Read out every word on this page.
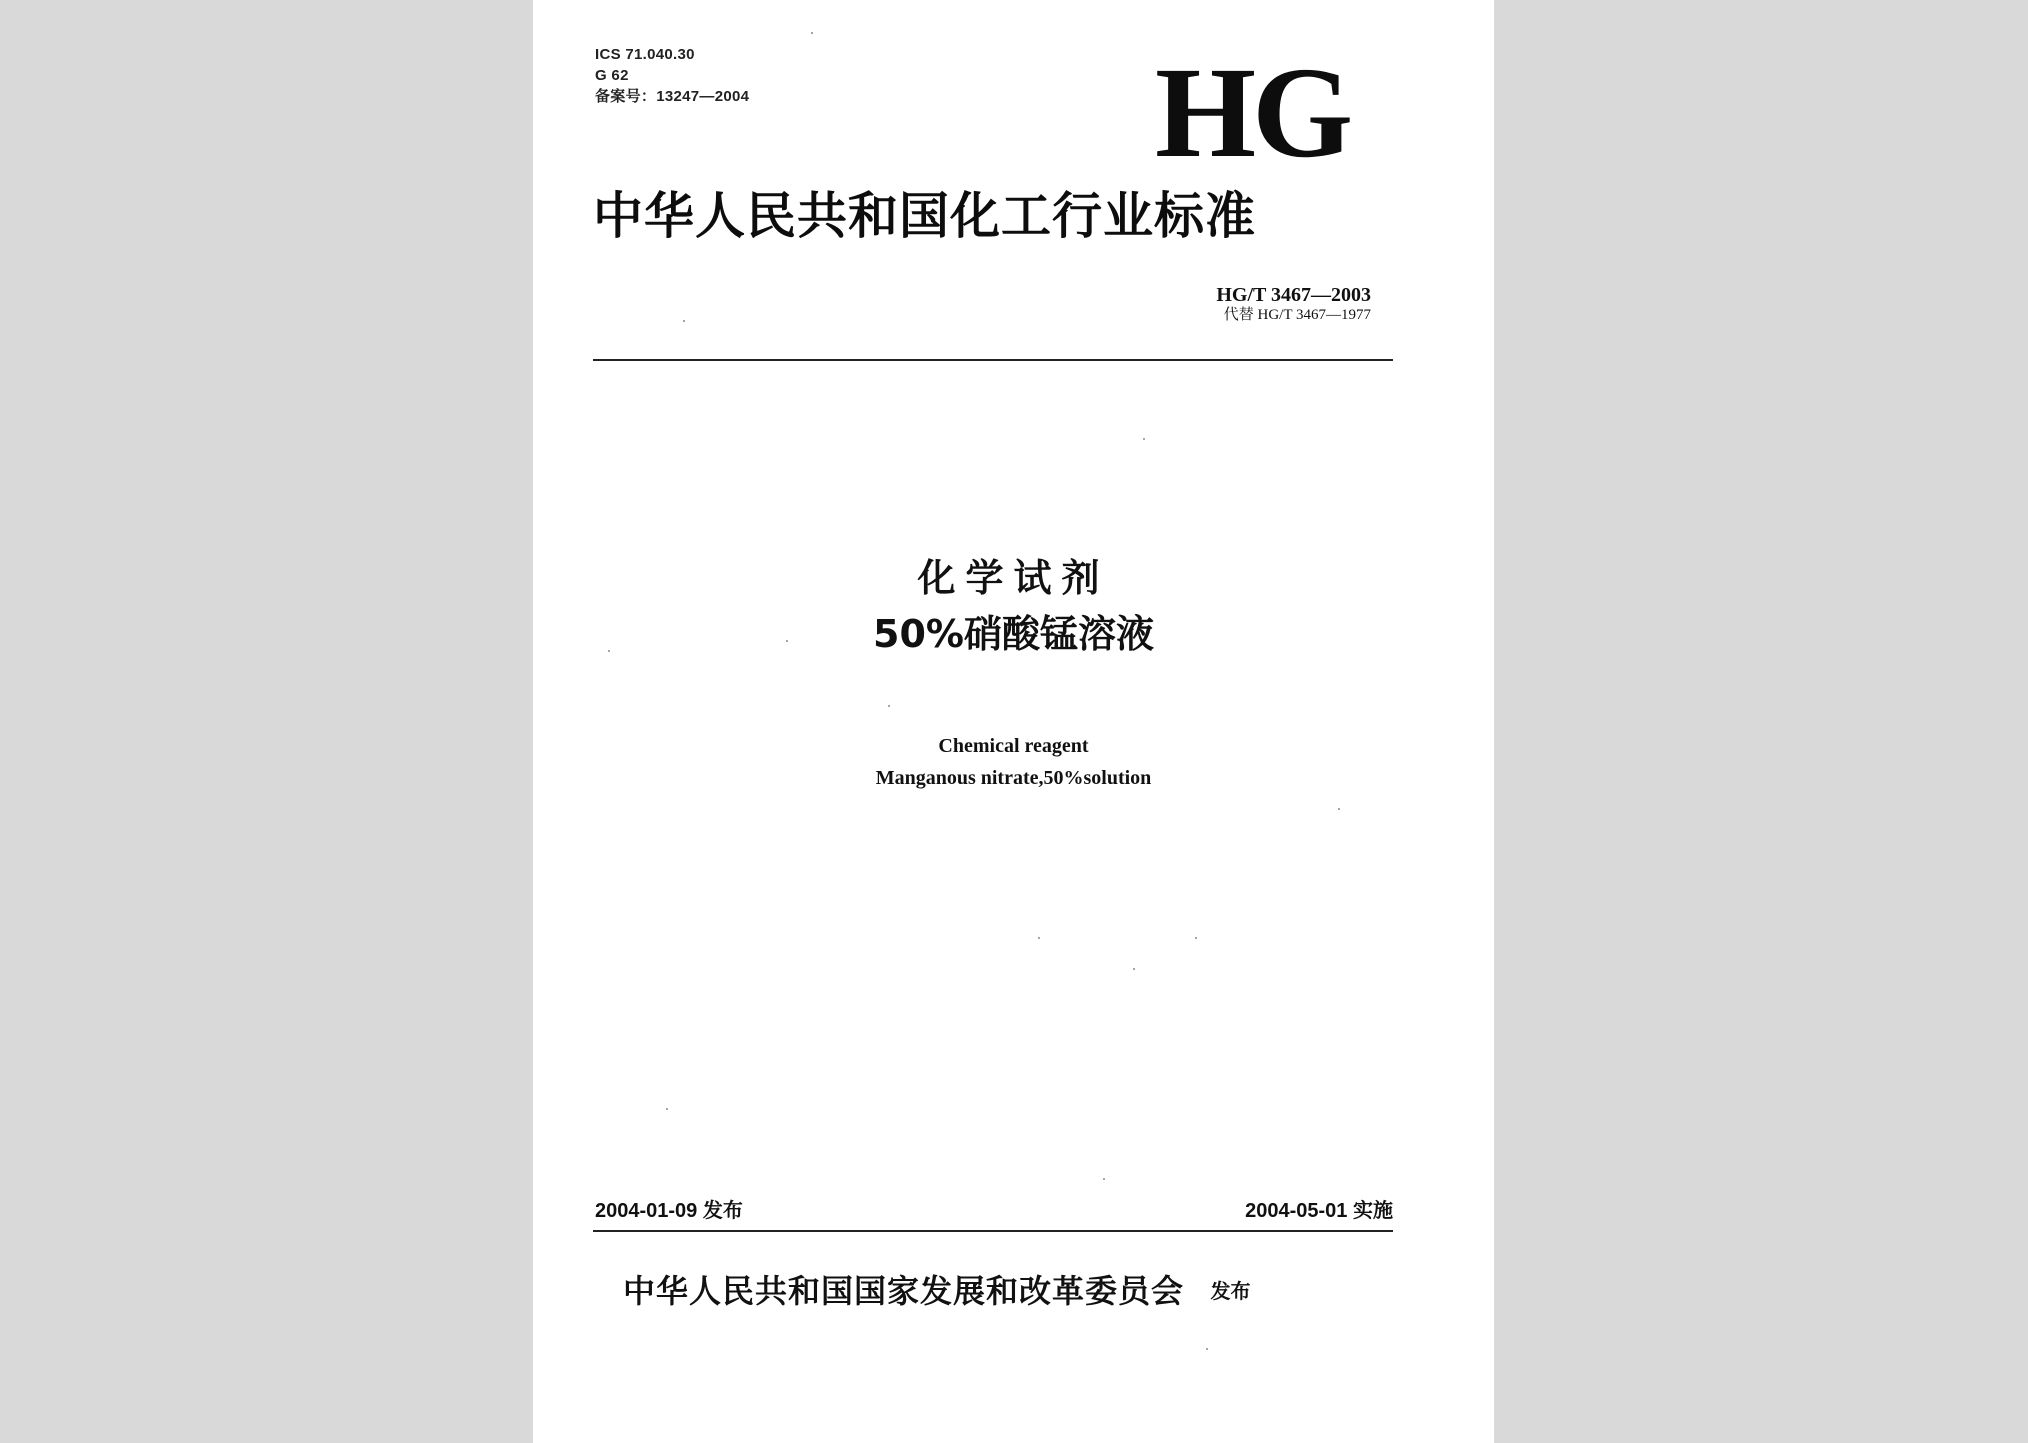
ICS 71.040.30
G 62
备案号：13247—2004	HG
中华人民共和国化工行业标准
HG/T 3467—2003
代替 HG/T 3467—1977
化学试剂
50%硝酸锰溶液
Chemical reagent
Manganous nitrate,50%solution
2004-01-09 发布	2004-05-01 实施
中华人民共和国国家发展和改革委员会 发布
